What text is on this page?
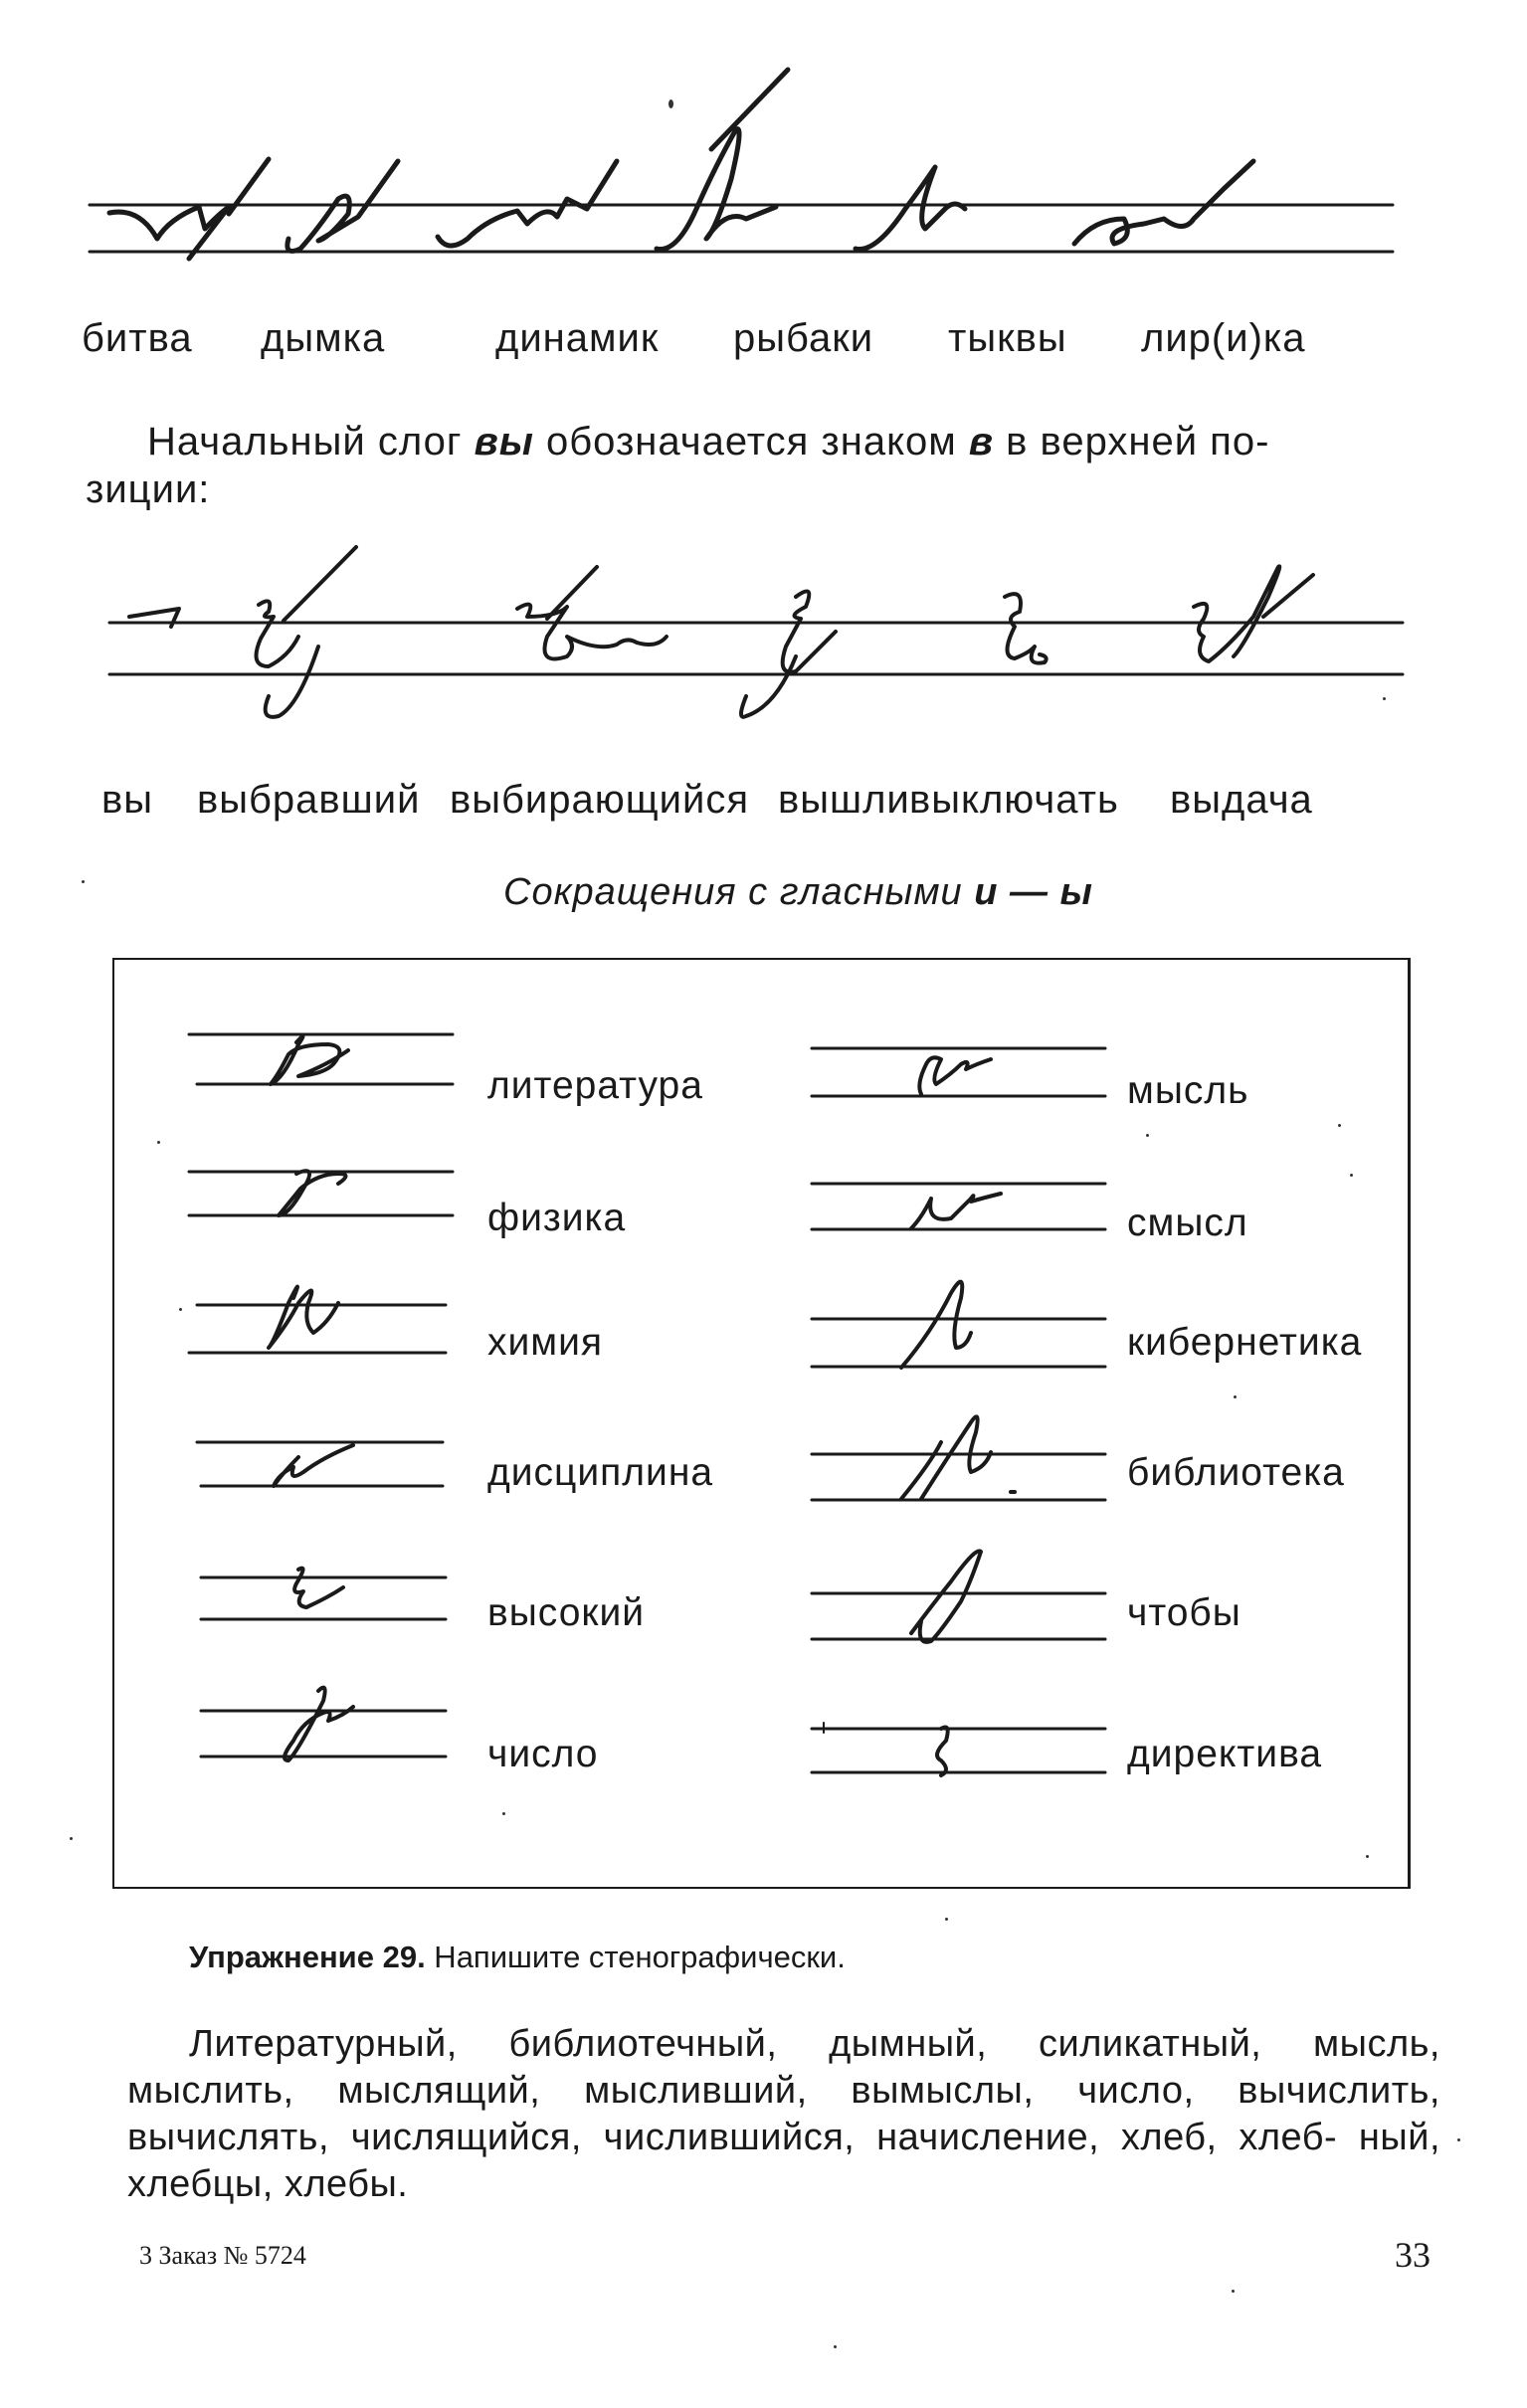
битва дымка	динамик рыбаки тыквы лир(и)ка
Начальный слог вы обозначается знаком в в верхней по-
зиции:
вы выбравший выбирающийся вышли выключать выдача
Сокращения с гласными и — ы
литература
физика
химия
дисциплина
высокий
число
мысль
смысл
кибернетика
библиотека
чтобы
директива
Упражнение 29. Напишите стенографически.
Литературный, библиотечный, дымный, силикатный, мысль, мыслить, мыслящий, мысливший, вымыслы, число, вычислить, вычислять, числящийся, числившийся, начисление, хлеб, хлеб- ный, хлебцы, хлебы.
3 Заказ № 5724	33
